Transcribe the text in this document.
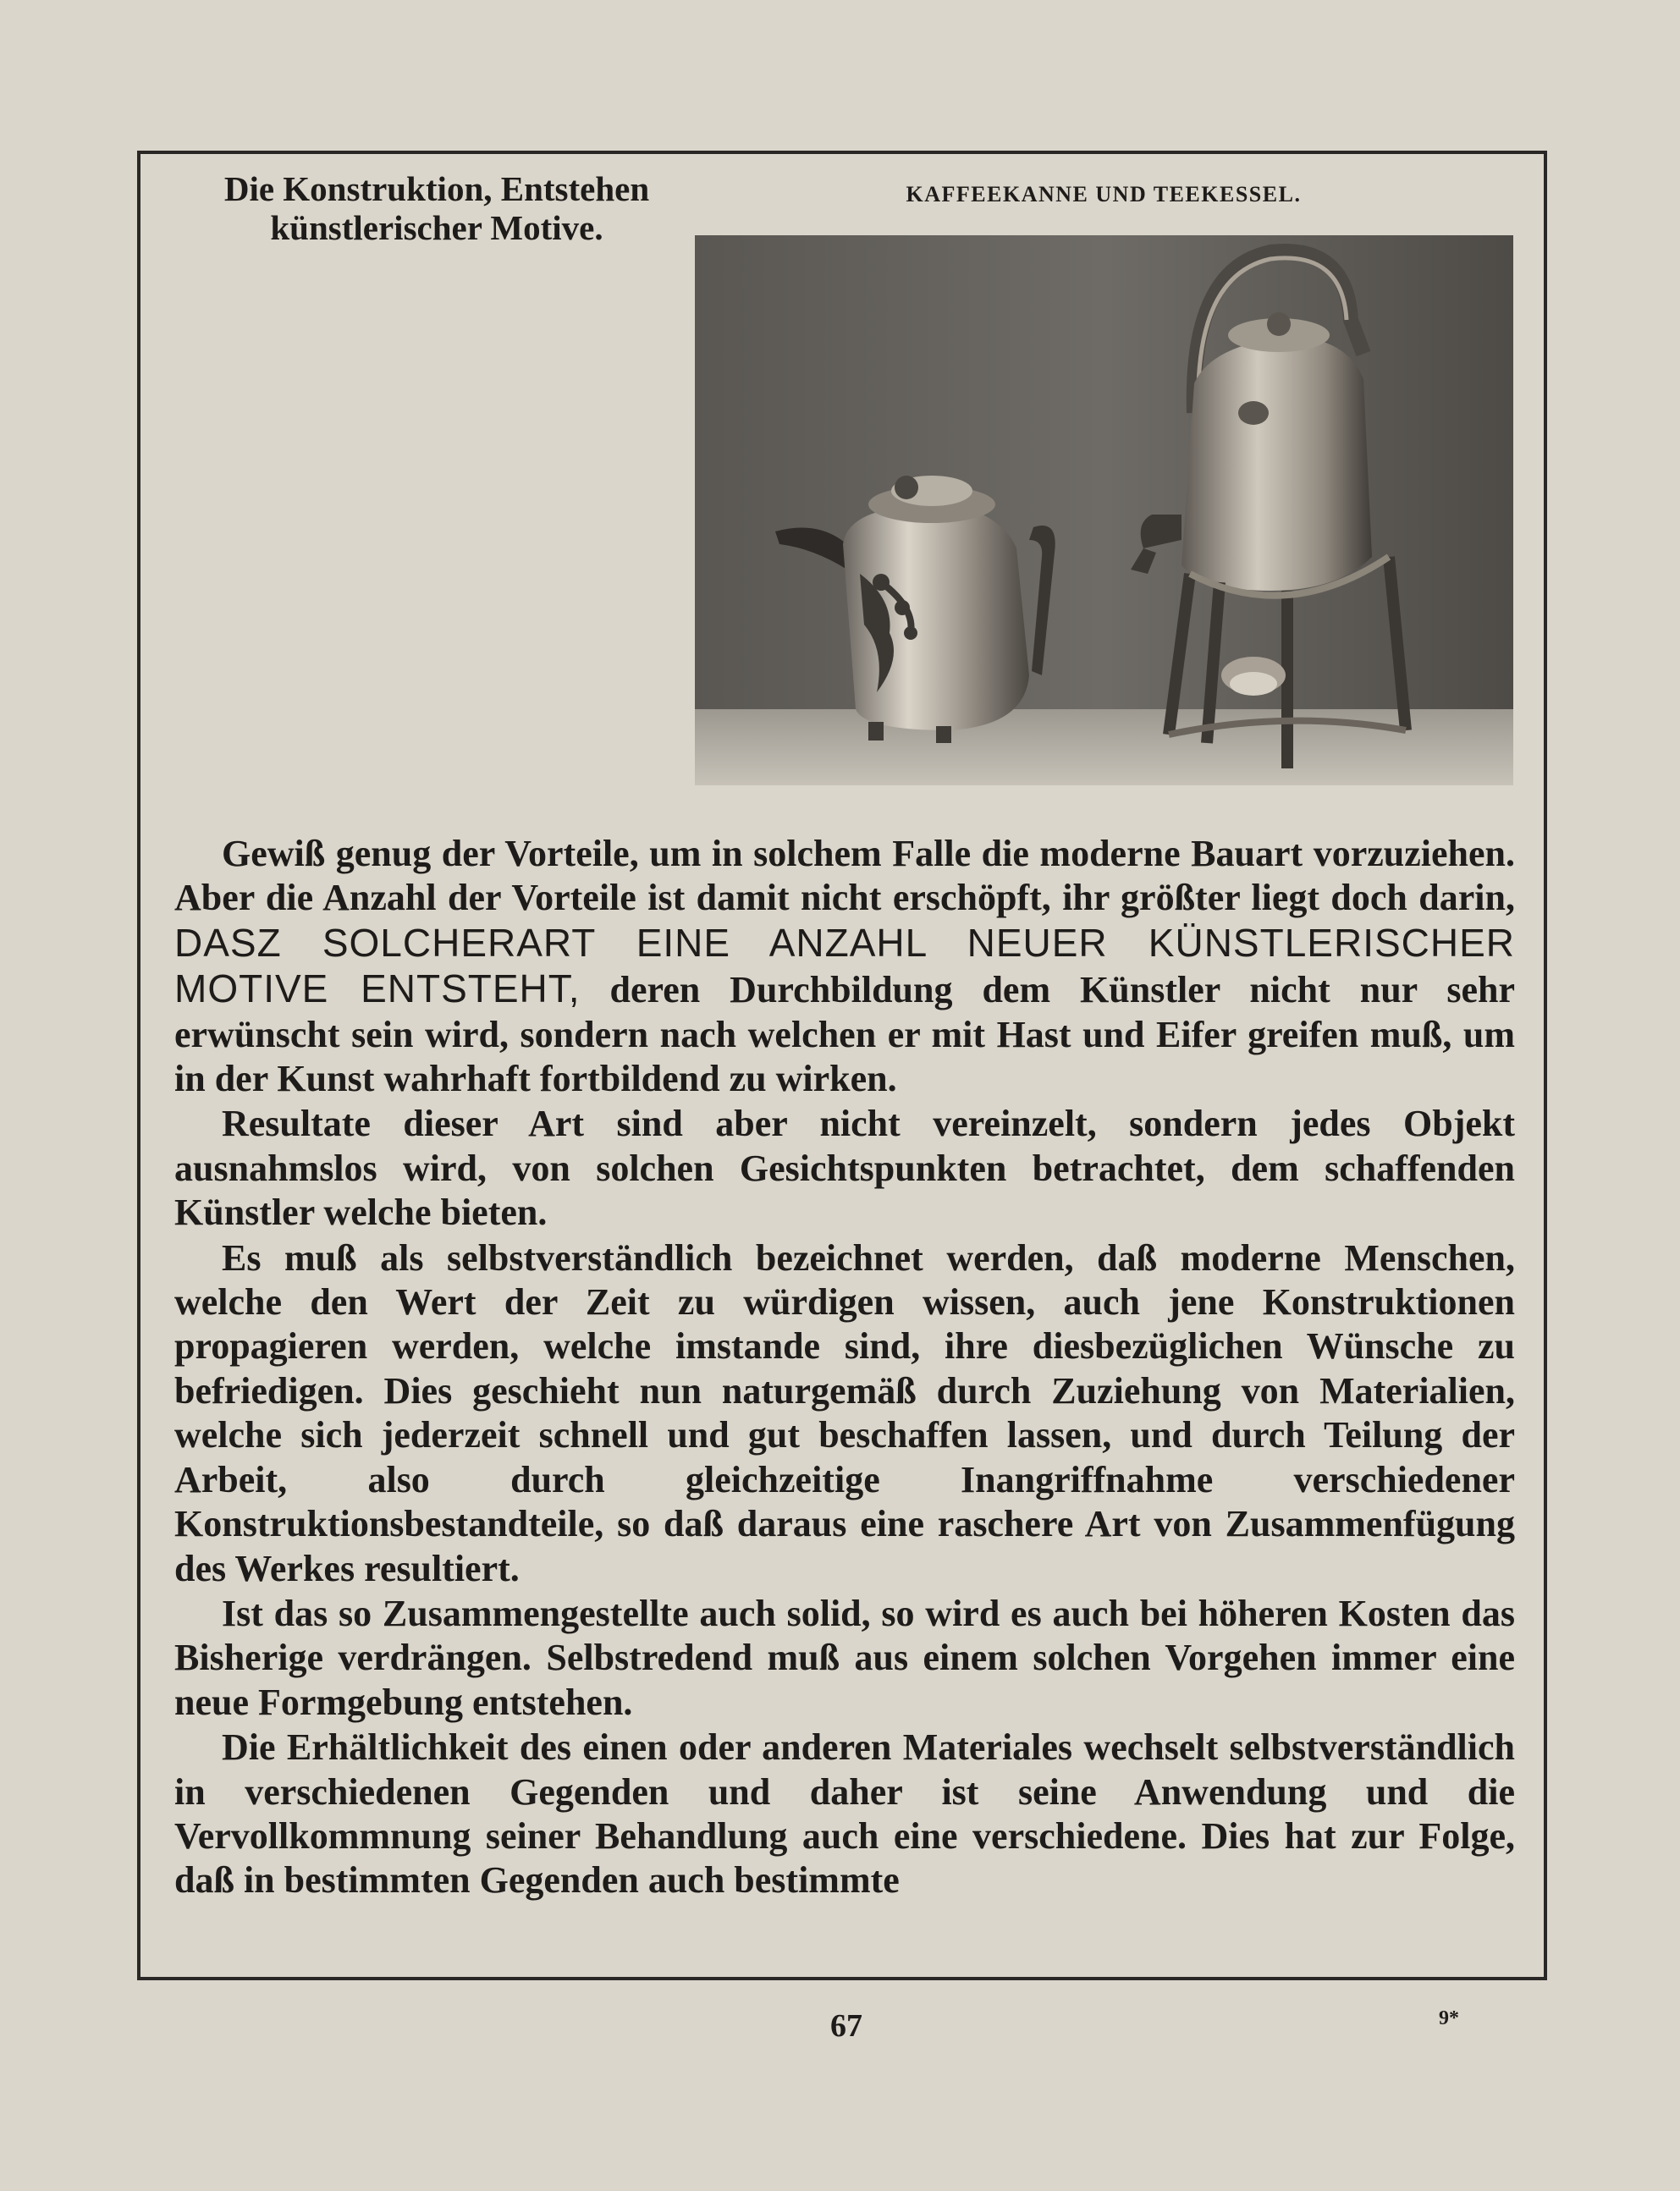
Die Konstruktion, Entstehen
künstlerischer Motive.
KAFFEEKANNE UND TEEKESSEL.

Gewiß genug der Vorteile, um in solchem Falle die moderne Bauart vorzuziehen. Aber die Anzahl der Vorteile ist damit nicht erschöpft, ihr größter liegt doch darin, DASZ SOLCHERART EINE ANZAHL NEUER KÜNSTLERISCHER MOTIVE ENTSTEHT, deren Durchbildung dem Künstler nicht nur sehr erwünscht sein wird, sondern nach welchen er mit Hast und Eifer greifen muß, um in der Kunst wahrhaft fortbildend zu wirken.

Resultate dieser Art sind aber nicht vereinzelt, sondern jedes Objekt ausnahmslos wird, von solchen Gesichtspunkten betrachtet, dem schaffenden Künstler welche bieten.

Es muß als selbstverständlich bezeichnet werden, daß moderne Menschen, welche den Wert der Zeit zu würdigen wissen, auch jene Konstruktionen propagieren werden, welche imstande sind, ihre diesbezüglichen Wünsche zu befriedigen. Dies geschieht nun naturgemäß durch Zuziehung von Materialien, welche sich jederzeit schnell und gut beschaffen lassen, und durch Teilung der Arbeit, also durch gleichzeitige Inangriffnahme verschiedener Konstruktionsbestandteile, so daß daraus eine raschere Art von Zusammenfügung des Werkes resultiert.

Ist das so Zusammengestellte auch solid, so wird es auch bei höheren Kosten das Bisherige verdrängen. Selbstredend muß aus einem solchen Vorgehen immer eine neue Formgebung entstehen.

Die Erhältlichkeit des einen oder anderen Materiales wechselt selbstverständlich in verschiedenen Gegenden und daher ist seine Anwendung und die Vervollkommnung seiner Behandlung auch eine verschiedene. Dies hat zur Folge, daß in bestimmten Gegenden auch bestimmte

67	9*
